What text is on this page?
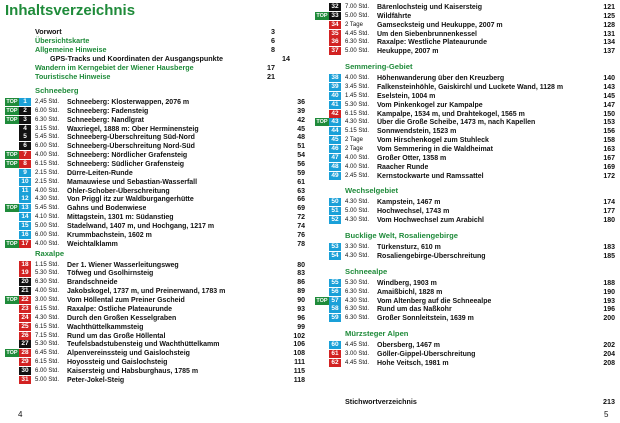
Inhaltsverzeichnis
Vorwort	3
Übersichtskarte	6
Allgemeine Hinweise	8
GPS-Tracks und Koordinaten der Ausgangspunkte	14
Wandern im Kerngebiet der Wiener Hausberge	17
Touristische Hinweise	21
Schneeberg
TOP 1	2,45 Std.	Schneeberg: Klosterwappen, 2076 m	36
TOP 2	6.00 Std.	Schneeberg: Fadensteig	39
TOP 3	6.30 Std.	Schneeberg: Nandlgrat	42
4	3.15 Std.	Waxriegel, 1888 m: Ober Herminensteig	45
5	5.45 Std.	Schneeberg-Überschreitung Süd-Nord	48
6	6.00 Std.	Schneeberg-Überschreitung Nord-Süd	51
TOP 7	4.00 Std.	Schneeberg: Nördlicher Grafensteig	54
TOP 8	6.15 Std.	Schneeberg: Südlicher Grafensteig	56
9	2.15 Std.	Dürre-Leiten-Runde	59
10	2.15 Std.	Mamauwiese und Sebastian-Wasserfall	61
11	4.00 Std.	Öhler-Schober-Überschreitung	63
12	4.30 Std.	Von Priggl itz zur Waldburgangerhütte	66
TOP 13	5.45 Std.	Gahns und Bodenwiese	69
14	4.10 Std.	Mittagstein, 1301 m: Südanstieg	72
15	5.00 Std.	Stadelwand, 1407 m, und Hochgang, 1217 m	74
16	6.00 Std.	Krummbachstein, 1602 m	76
TOP 17	4.00 Std.	Weichtalklamm	78
Raxalpe
18	1.15 Std.	Der 1. Wiener Wasserleitungsweg	80
19	5.30 Std.	Töfweg und Gsolhirnsteig	83
20	6.30 Std.	Brandschneide	86
21	4.00 Std.	Jakobskogel, 1737 m, und Preinerwand, 1783 m	89
TOP 22	3.00 Std.	Vom Höllental zum Preiner Gscheid	90
23	6.15 Std.	Raxalpe: Östliche Plateaurunde	93
24	4.30 Std.	Durch den Großen Kesselgraben	96
25	6.15 Std.	Wachthüttelkammsteig	99
26	7.15 Std.	Rund um das Große Höllental	102
27	5.30 Std.	Teufelsbadstubensteig und Wachthüttelkamm	106
TOP 28	6.45 Std.	Alpenvereinssteig und Gaislochsteig	108
29	6.15 Std.	Hoyossteig und Gaislochsteig	111
30	6.00 Std.	Kaisersteig und Habsburghaus, 1785 m	115
31	5.00 Std.	Peter-Jokel-Steig	118
4
32	7.00 Std.	Bärenlochsteig und Kaisersteig	121
TOP 33	5.00 Std.	Wildfährte	125
34	2 Tage	Gamsecksteig und Heukuppe, 2007 m	128
35	4.45 Std.	Um den Siebenbrunnenkessel	131
36	6.30 Std.	Raxalpe: Westliche Plateaurunde	134
37	5.00 Std.	Heukuppe, 2007 m	137
Semmering-Gebiet
38	4.00 Std.	Höhenwanderung über den Kreuzberg	140
39	3.45 Std.	Falkensteinhöhle, Gaiskirchl und Luckete Wand, 1128 m	143
40	1.45 Std.	Eselstein, 1004 m	145
41	5.30 Std.	Vom Pinkenkogel zur Kampalpe	147
42	6.15 Std.	Kampalpe, 1534 m, und Drahtekogel, 1565 m	150
TOP 43	4.30 Std.	Über die Große Scheibe, 1473 m, nach Kapellen	153
44	5.15 Std.	Sonnwendstein, 1523 m	156
45	2 Tage	Vom Hirschenkogel zum Stuhleck	158
46	2 Tage	Vom Semmering in die Waldheimat	163
47	4.00 Std.	Großer Otter, 1358 m	167
48	4.00 Std.	Raacher Runde	169
49	2.45 Std.	Kernstockwarte und Ramssattel	172
Wechselgebiet
50	4.30 Std.	Kampstein, 1467 m	174
51	5.00 Std.	Hochwechsel, 1743 m	177
52	4.30 Std.	Vom Hochwechsel zum Arabichl	180
Bucklige Welt, Rosaliengebirge
53	3.30 Std.	Türkensturz, 610 m	183
54	4.30 Std.	Rosaliengebirge-Überschreitung	185
Schneealpe
55	5.30 Std.	Windberg, 1903 m	188
56	6.30 Std.	Amaißbichl, 1828 m	190
TOP 57	4.30 Std.	Vom Altenberg auf die Schneealpe	193
58	6.30 Std.	Rund um das Naßkohr	196
59	6.30 Std.	Großer Sonnleitstein, 1639 m	200
Mürzsteger Alpen
60	4.45 Std.	Obersberg, 1467 m	202
61	3.00 Std.	Göller-Gippel-Überschreitung	204
62	4.45 Std.	Hohe Veitsch, 1981 m	208
Stichwortverzeichnis	213
5
